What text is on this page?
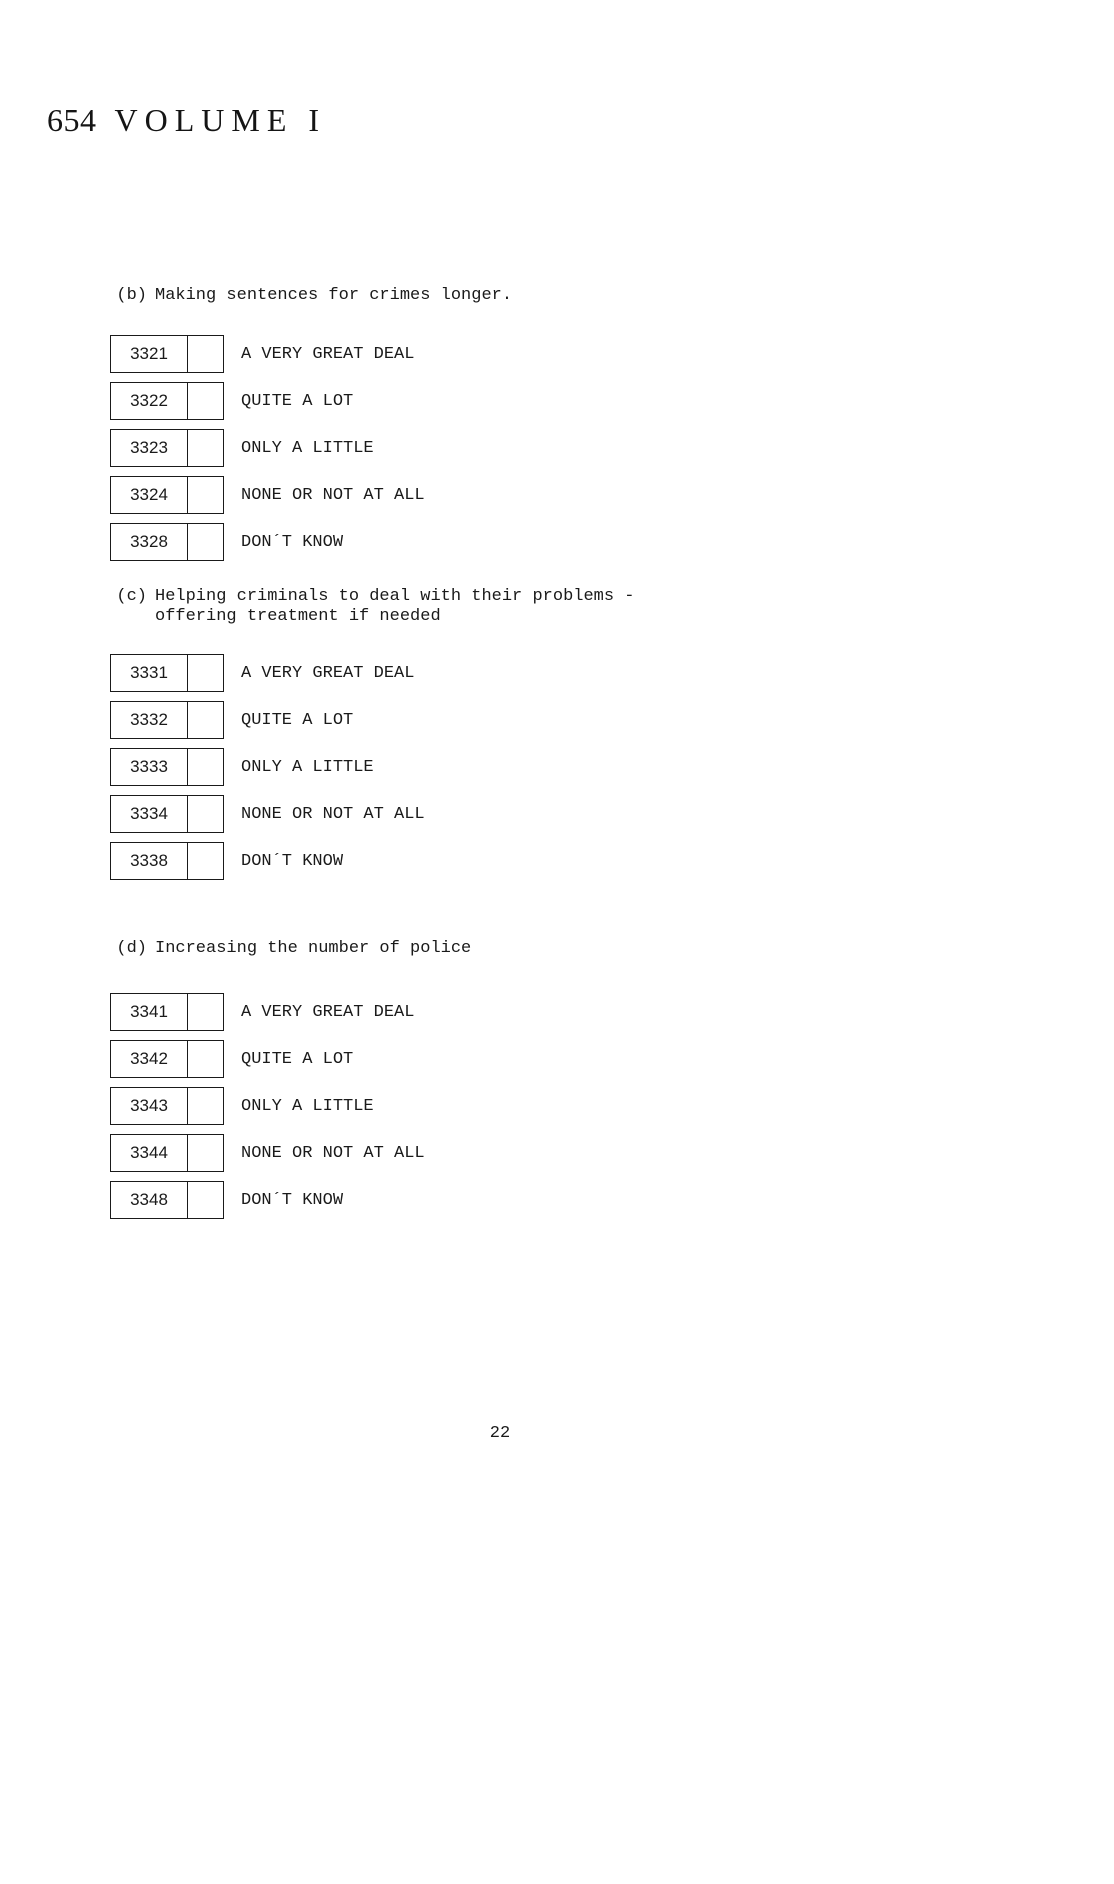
654 VOLUME I
(b) Making sentences for crimes longer.
3321	A VERY GREAT DEAL
3322	QUITE A LOT
3323	ONLY A LITTLE
3324	NONE OR NOT AT ALL
3328	DON´T KNOW
(c) Helping criminals to deal with their problems -
offering treatment if needed
3331	A VERY GREAT DEAL
3332	QUITE A LOT
3333	ONLY A LITTLE
3334	NONE OR NOT AT ALL
3338	DON´T KNOW
(d) Increasing the number of police
3341	A VERY GREAT DEAL
3342	QUITE A LOT
3343	ONLY A LITTLE
3344	NONE OR NOT AT ALL
3348	DON´T KNOW
22
